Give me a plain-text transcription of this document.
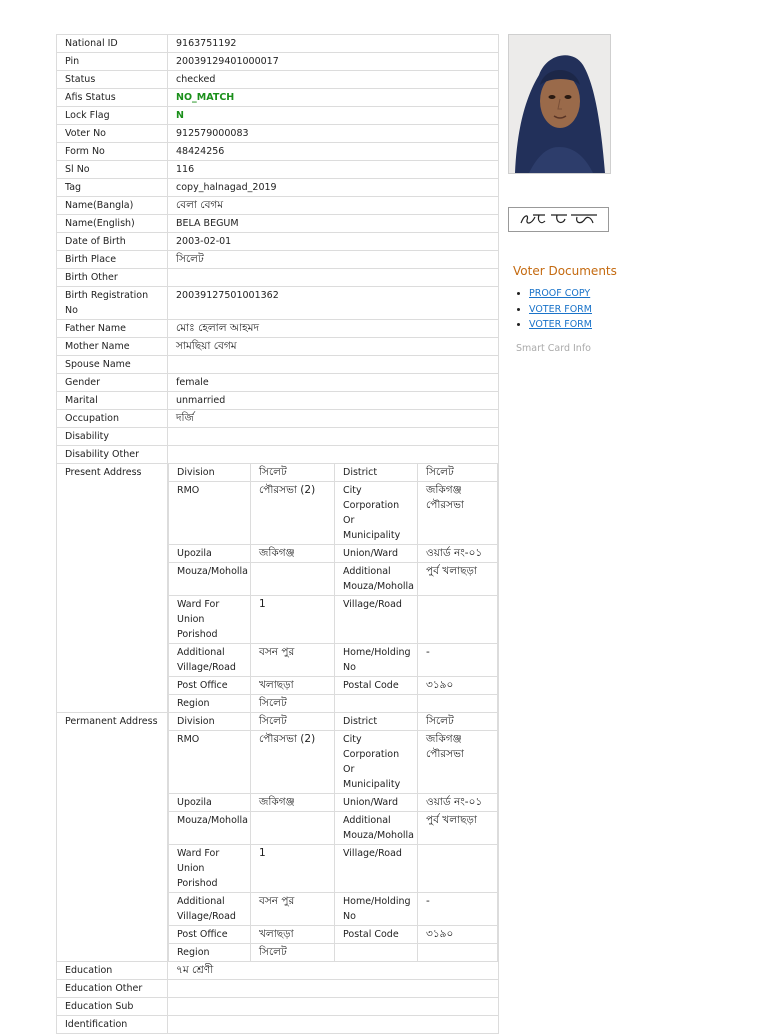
National ID	9163751192
Pin	20039129401000017
Status	checked
Afis Status	NO_MATCH
Lock Flag	N
Voter No	912579000083
Form No	48424256
Sl No	116
Tag	copy_halnagad_2019
Name(Bangla)	বেলা বেগম
Name(English)	BELA BEGUM
Date of Birth	2003-02-01
Birth Place	সিলেট
Birth Other	
Birth Registration No	20039127501001362
Father Name	মোঃ হেলাল আহমদ
Mother Name	সামছিয়া বেগম
Spouse Name	
Gender	female
Marital	unmarried
Occupation	দর্জি
Disability	
Disability Other	
Present Address		Division	সিলেট	District	সিলেট
RMO	পৌরসভা (2)	City Corporation Or Municipality	জকিগঞ্জ পৌরসভা
Upozila	জকিগঞ্জ	Union/Ward	ওয়ার্ড নং-০১
Mouza/Moholla		Additional Mouza/Moholla	পুর্ব খলাছড়া
Ward For Union Porishod	1	Village/Road	
Additional Village/Road	বসন পুর	Home/Holding No	-
Post Office	খলাছড়া	Postal Code	৩১৯০
Region	সিলেট		

Permanent Address	Division	সিলেট	District	সিলেট
RMO	পৌরসভা (2)	City Corporation Or Municipality	জকিগঞ্জ পৌরসভা
Upozila	জকিগঞ্জ	Union/Ward	ওয়ার্ড নং-০১
Mouza/Moholla		Additional Mouza/Moholla	পুর্ব খলাছড়া
Ward For Union Porishod	1	Village/Road	
Additional Village/Road	বসন পুর	Home/Holding No	-
Post Office	খলাছড়া	Postal Code	৩১৯০
Region	সিলেট		

Education	৭ম শ্রেণী
Education Other	
Education Sub	
Identification	
Voter Documents
• PROOF COPY
• VOTER FORM
• VOTER FORM
Smart Card Info
